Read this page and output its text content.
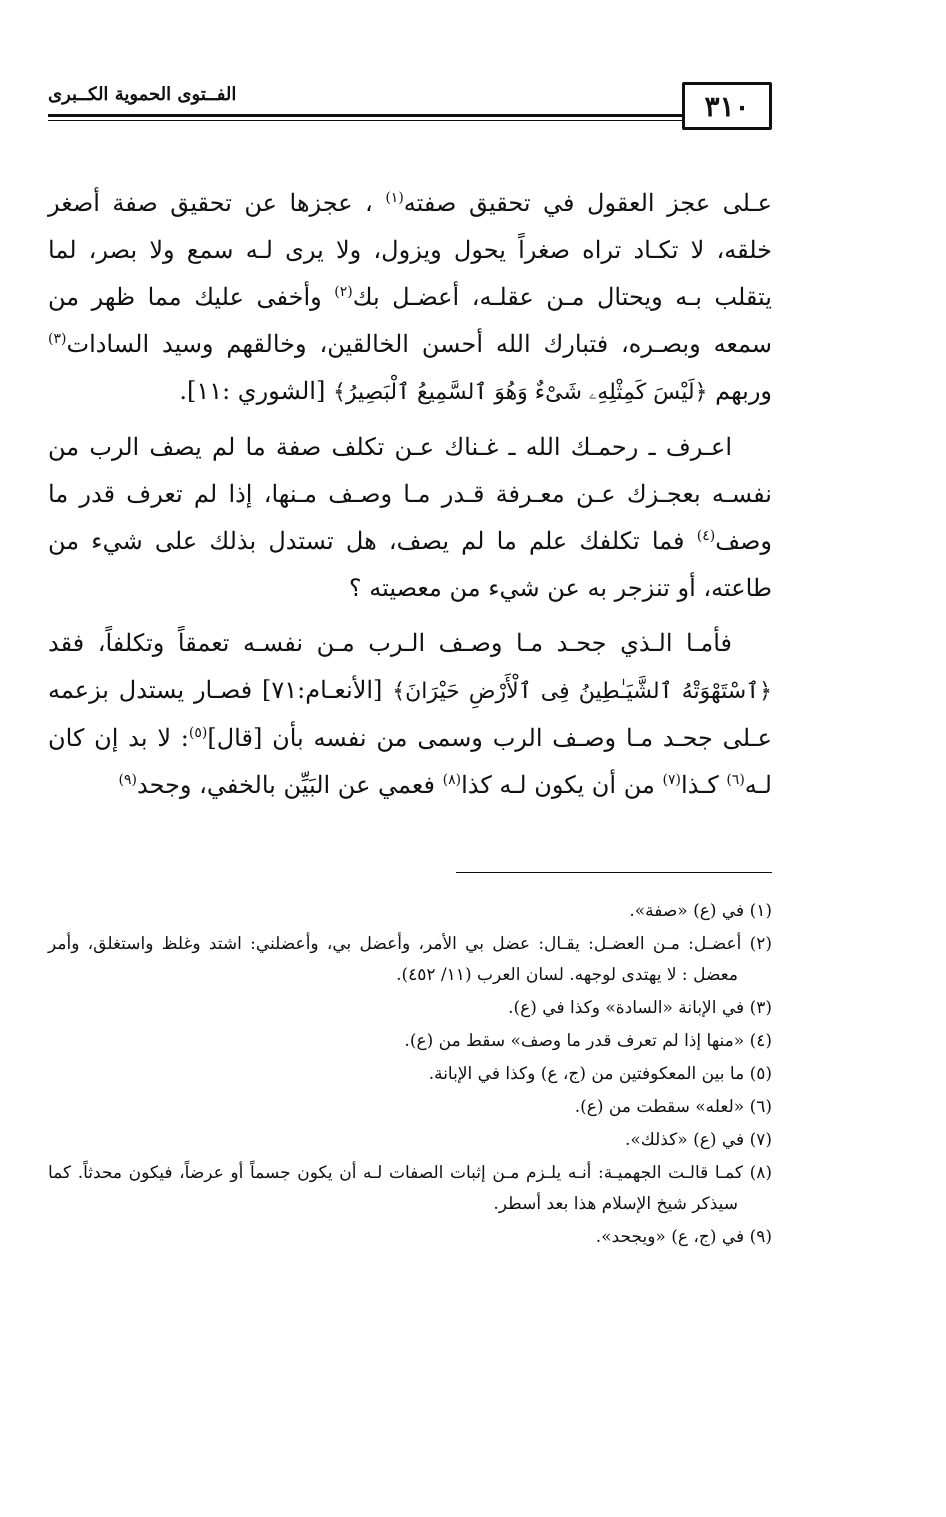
٣١٠
الفــتوى الحموية الكــبرى

عـلى عجز العقول في تحقيق صفته$^{(١)}$ ، عجزها عن تحقيق صفة أصغر خلقه، لا تكـاد تراه صغراً يحول ويزول، ولا يرى لـه سمع ولا بصر، لما يتقلب بـه ويحتال مـن عقلـه، أعضـل بك$^{(٢)}$ وأخفى عليك مما ظهر من سمعه وبصـره، فتبارك الله أحسن الخالقين، وخالقهم وسيد السادات$^{(٣)}$ وربهم ﴿لَيْسَ كَمِثْلِهِۦ شَىْءٌ وَهُوَ ٱلسَّمِيعُ ٱلْبَصِيرُ﴾ [الشوري :١١].

اعـرف ـ رحمـك الله ـ غـناك عـن تكلف صفة ما لم يصف الرب من نفسـه بعجـزك عـن معـرفة قـدر مـا وصـف مـنها، إذا لم تعرف قدر ما وصف$^{(٤)}$ فما تكلفك علم ما لم يصف، هل تستدل بذلك على شيء من طاعته، أو تنزجر به عن شيء من معصيته ؟

فأمـا الـذي جحـد مـا وصـف الـرب مـن نفسـه تعمقاً وتكلفاً، فقد ﴿ٱسْتَهْوَتْهُ ٱلشَّيَـٰطِينُ فِى ٱلْأَرْضِ حَيْرَانَ﴾ [الأنعـام:٧١] فصـار يستدل بزعمه عـلى جحـد مـا وصـف الرب وسمى من نفسه بأن [قال]$^{(٥)}$: لا بد إن كان لـه$^{(٦)}$ كـذا$^{(٧)}$ من أن يكون لـه كذا$^{(٨)}$ فعمي عن البَيِّن بالخفي، وجحد$^{(٩)}$

(١) في (ع) «صفة».

(٢) أعضـل: مـن العضـل: يقـال: عضل بي الأمر، وأعضل بي، وأعضلني: اشتد وغلظ واستغلق، وأمر معضل : لا يهتدى لوجهه. لسان العرب (١١/ ٤٥٢).

(٣) في الإبانة «السادة» وكذا في (ع).

(٤) «منها إذا لم تعرف قدر ما وصف» سقط من (ع).

(٥) ما بين المعكوفتين من (ج، ع) وكذا في الإبانة.

(٦) «لعله» سقطت من (ع).

(٧) في (ع) «كذلك».

(٨) كمـا قالـت الجهميـة: أنـه يلـزم مـن إثبات الصفات لـه أن يكون جسماً أو عرضاً، فيكون محدثاً. كما سيذكر شيخ الإسلام هذا بعد أسطر.

(٩) في (ج، ع) «ويجحد».
